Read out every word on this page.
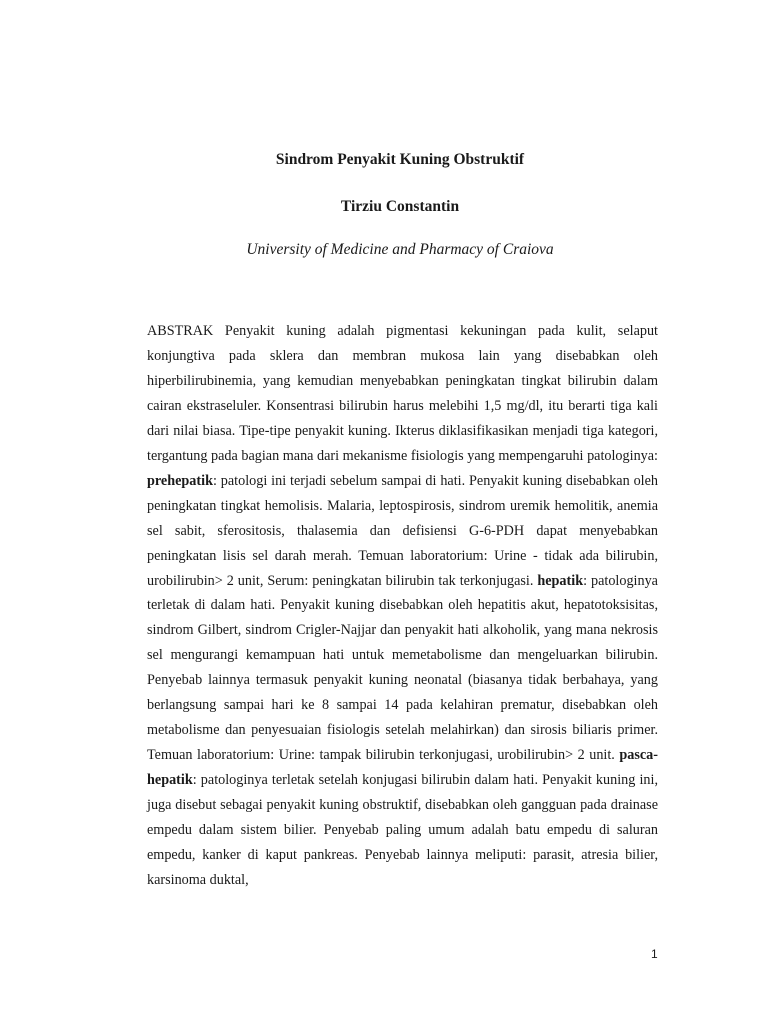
Sindrom Penyakit Kuning Obstruktif
Tirziu Constantin
University of Medicine and Pharmacy of Craiova

ABSTRAK Penyakit kuning adalah pigmentasi kekuningan pada kulit, selaput konjungtiva pada sklera dan membran mukosa lain yang disebabkan oleh hiperbilirubinemia, yang kemudian menyebabkan peningkatan tingkat bilirubin dalam cairan ekstraseluler. Konsentrasi bilirubin harus melebihi 1,5 mg/dl, itu berarti tiga kali dari nilai biasa. Tipe-tipe penyakit kuning. Ikterus diklasifikasikan menjadi tiga kategori, tergantung pada bagian mana dari mekanisme fisiologis yang mempengaruhi patologinya: prehepatik: patologi ini terjadi sebelum sampai di hati. Penyakit kuning disebabkan oleh peningkatan tingkat hemolisis. Malaria, leptospirosis, sindrom uremik hemolitik, anemia sel sabit, sferositosis, thalasemia dan defisiensi G-6-PDH dapat menyebabkan peningkatan lisis sel darah merah. Temuan laboratorium: Urine - tidak ada bilirubin, urobilirubin> 2 unit, Serum: peningkatan bilirubin tak terkonjugasi. hepatik: patologinya terletak di dalam hati. Penyakit kuning disebabkan oleh hepatitis akut, hepatotoksisitas, sindrom Gilbert, sindrom Crigler-Najjar dan penyakit hati alkoholik, yang mana nekrosis sel mengurangi kemampuan hati untuk memetabolisme dan mengeluarkan bilirubin. Penyebab lainnya termasuk penyakit kuning neonatal (biasanya tidak berbahaya, yang berlangsung sampai hari ke 8 sampai 14 pada kelahiran prematur, disebabkan oleh metabolisme dan penyesuaian fisiologis setelah melahirkan) dan sirosis biliaris primer. Temuan laboratorium: Urine: tampak bilirubin terkonjugasi, urobilirubin> 2 unit. pasca-hepatik: patologinya terletak setelah konjugasi bilirubin dalam hati. Penyakit kuning ini, juga disebut sebagai penyakit kuning obstruktif, disebabkan oleh gangguan pada drainase empedu dalam sistem bilier. Penyebab paling umum adalah batu empedu di saluran empedu, kanker di kaput pankreas. Penyebab lainnya meliputi: parasit, atresia bilier, karsinoma duktal,

1
